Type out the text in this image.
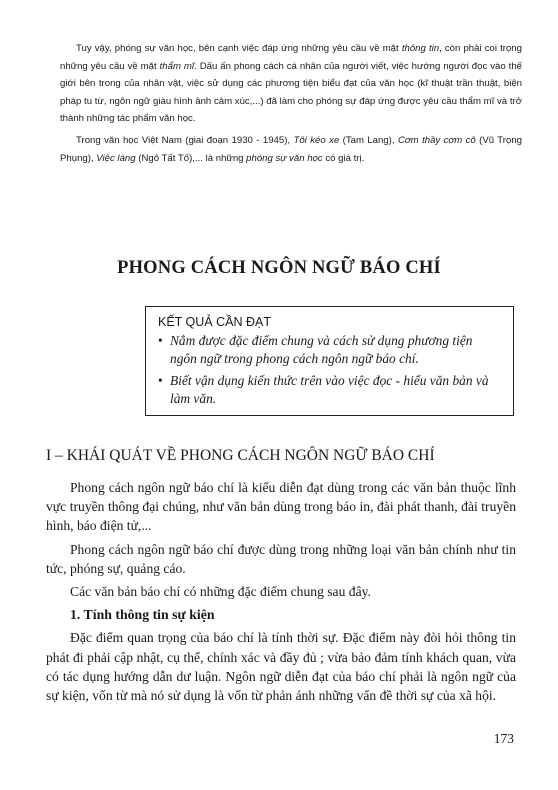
Tuy vậy, phóng sự văn học, bên cạnh việc đáp ứng những yêu cầu về mặt thông tin, còn phải coi trọng những yêu cầu về mặt thẩm mĩ. Dấu ấn phong cách cá nhân của người viết, việc hướng người đọc vào thế giới bên trong của nhân vật, việc sử dụng các phương tiện biểu đạt của văn học (kĩ thuật trần thuật, biện pháp tu từ, ngôn ngữ giàu hình ảnh cảm xúc,...) đã làm cho phóng sự đáp ứng được yêu cầu thẩm mĩ và trở thành những tác phẩm văn học.

Trong văn học Việt Nam (giai đoạn 1930 - 1945), Tôi kéo xe (Tam Lang), Cơm thầy cơm cô (Vũ Trọng Phụng), Việc làng (Ngô Tất Tố),... là những phóng sự văn học có giá trị.

PHONG CÁCH NGÔN NGỮ BÁO CHÍ
KẾT QUẢ CẦN ĐẠT
• Nắm được đặc điểm chung và cách sử dụng phương tiện ngôn ngữ trong phong cách ngôn ngữ báo chí.
• Biết vận dụng kiến thức trên vào việc đọc - hiểu văn bản và làm văn.
I – KHÁI QUÁT VỀ PHONG CÁCH NGÔN NGỮ BÁO CHÍ

Phong cách ngôn ngữ báo chí là kiểu diễn đạt dùng trong các văn bản thuộc lĩnh vực truyền thông đại chúng, như văn bản dùng trong báo in, đài phát thanh, đài truyền hình, báo điện tử,...

Phong cách ngôn ngữ báo chí được dùng trong những loại văn bản chính như tin tức, phóng sự, quảng cáo.

Các văn bản báo chí có những đặc điểm chung sau đây.

1. Tính thông tin sự kiện

Đặc điểm quan trọng của báo chí là tính thời sự. Đặc điểm này đòi hỏi thông tin phát đi phải cập nhật, cụ thể, chính xác và đầy đủ ; vừa bảo đảm tính khách quan, vừa có tác dụng hướng dẫn dư luận. Ngôn ngữ diễn đạt của báo chí phải là ngôn ngữ của sự kiện, vốn từ mà nó sử dụng là vốn từ phản ánh những vấn đề thời sự của xã hội.

173
